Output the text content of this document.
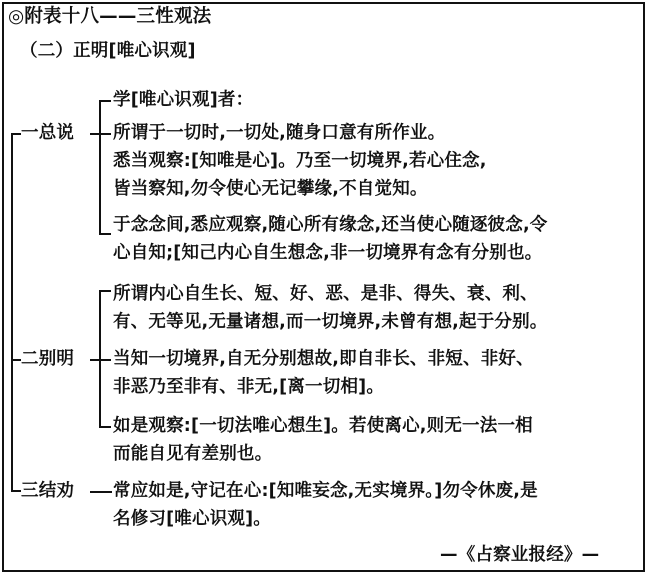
◎附表十八——三性观法
（二）正明[唯心识观]
一总说
学[唯心识观]者：
所谓于一切时,一切处,随身口意有所作业。
悉当观察:[知唯是心]。乃至一切境界,若心住念,
皆当察知,勿令使心无记攀缘,不自觉知。
于念念间,悉应观察,随心所有缘念,还当使心随逐彼念,令
心自知;[知己内心自生想念,非一切境界有念有分别也。
二别明
所谓内心自生长、短、好、恶、是非、得失、衰、利、
有、无等见,无量诸想,而一切境界,未曾有想,起于分别。
当知一切境界,自无分别想故,即自非长、非短、非好、
非恶乃至非有、非无,[离一切相]。
如是观察:[一切法唯心想生]。若使离心,则无一法一相
而能自见有差别也。
三结劝 常应如是,守记在心:[知唯妄念,无实境界。]勿令休废,是
名修习[唯心识观]。
—《占察业报经》—
